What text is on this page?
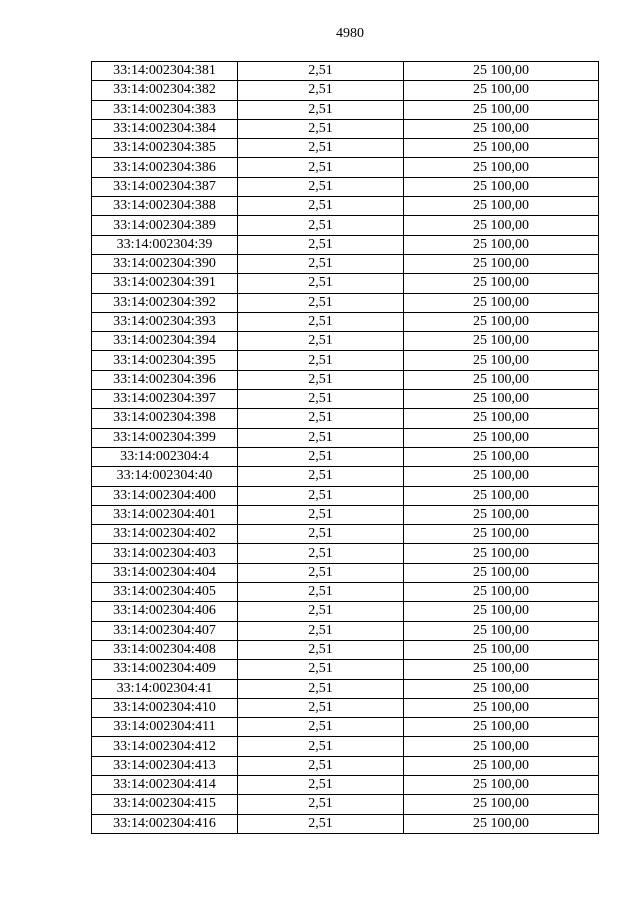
4980
33:14:002304:381	2,51	25 100,00
33:14:002304:382	2,51	25 100,00
33:14:002304:383	2,51	25 100,00
33:14:002304:384	2,51	25 100,00
33:14:002304:385	2,51	25 100,00
33:14:002304:386	2,51	25 100,00
33:14:002304:387	2,51	25 100,00
33:14:002304:388	2,51	25 100,00
33:14:002304:389	2,51	25 100,00
33:14:002304:39	2,51	25 100,00
33:14:002304:390	2,51	25 100,00
33:14:002304:391	2,51	25 100,00
33:14:002304:392	2,51	25 100,00
33:14:002304:393	2,51	25 100,00
33:14:002304:394	2,51	25 100,00
33:14:002304:395	2,51	25 100,00
33:14:002304:396	2,51	25 100,00
33:14:002304:397	2,51	25 100,00
33:14:002304:398	2,51	25 100,00
33:14:002304:399	2,51	25 100,00
33:14:002304:4	2,51	25 100,00
33:14:002304:40	2,51	25 100,00
33:14:002304:400	2,51	25 100,00
33:14:002304:401	2,51	25 100,00
33:14:002304:402	2,51	25 100,00
33:14:002304:403	2,51	25 100,00
33:14:002304:404	2,51	25 100,00
33:14:002304:405	2,51	25 100,00
33:14:002304:406	2,51	25 100,00
33:14:002304:407	2,51	25 100,00
33:14:002304:408	2,51	25 100,00
33:14:002304:409	2,51	25 100,00
33:14:002304:41	2,51	25 100,00
33:14:002304:410	2,51	25 100,00
33:14:002304:411	2,51	25 100,00
33:14:002304:412	2,51	25 100,00
33:14:002304:413	2,51	25 100,00
33:14:002304:414	2,51	25 100,00
33:14:002304:415	2,51	25 100,00
33:14:002304:416	2,51	25 100,00
